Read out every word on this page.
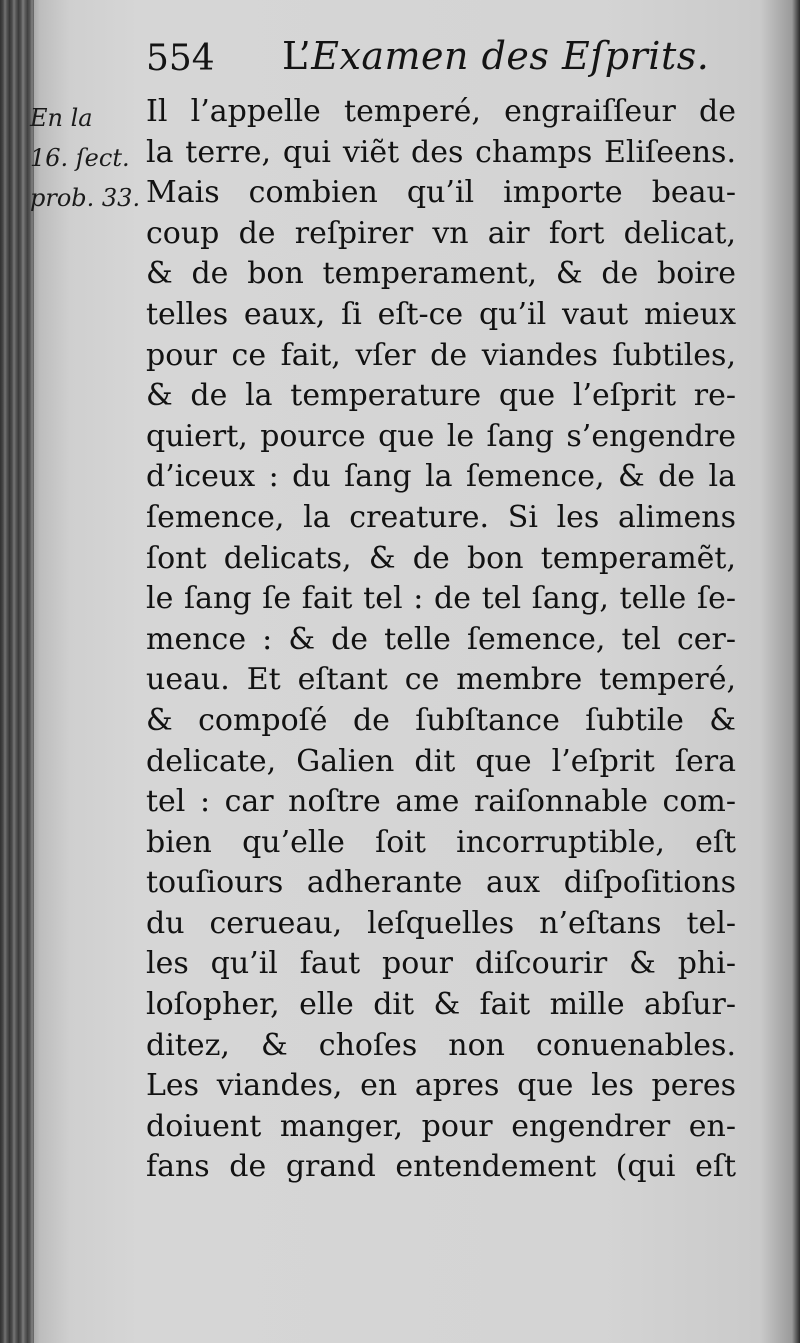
554 L’Examen des Eſprits.
En la
16. ſect.
prob. 33.
Il l’appelle temperé, engraiſſeur de
la terre, qui viẽt des champs Eliſeens.
Mais combien qu’il importe beau-
coup de reſpirer vn air fort delicat,
& de bon temperament, & de boire
telles eaux, ſi eſt-ce qu’il vaut mieux
pour ce fait, vſer de viandes ſubtiles,
& de la temperature que l’eſprit re-
quiert, pource que le ſang s’engendre
d’iceux : du ſang la ſemence, & de la
ſemence, la creature. Si les alimens
ſont delicats, & de bon temperamẽt,
le ſang ſe fait tel : de tel ſang, telle ſe-
mence : & de telle ſemence, tel cer-
ueau. Et eſtant ce membre temperé,
& compoſé de ſubſtance ſubtile &
delicate, Galien dit que l’eſprit ſera
tel : car noſtre ame raiſonnable com-
bien qu’elle ſoit incorruptible, eſt
touſiours adherante aux diſpoſitions
du cerueau, leſquelles n’eſtans tel-
les qu’il faut pour diſcourir & phi-
loſopher, elle dit & fait mille abſur-
ditez, & choſes non conuenables.
Les viandes, en apres que les peres
doiuent manger, pour engendrer en-
fans de grand entendement (qui eſt
